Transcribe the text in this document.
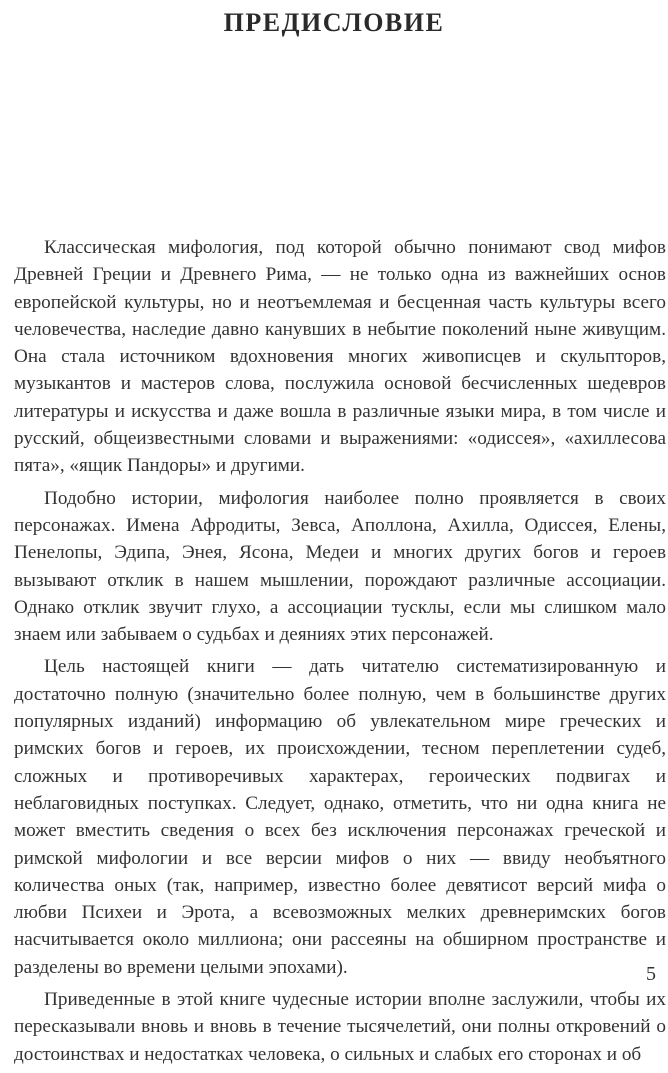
ПРЕДИСЛОВИЕ

Классическая мифология, под которой обычно понимают свод мифов Древней Греции и Древнего Рима, — не только одна из важнейших основ европейской культуры, но и неотъемлемая и бесценная часть культуры всего человечества, наследие давно канувших в небытие поколений ныне живущим. Она стала источником вдохновения многих живописцев и скульпторов, музыкантов и мастеров слова, послужила основой бесчисленных шедевров литературы и искусства и даже вошла в различные языки мира, в том числе и русский, общеизвестными словами и выражениями: «одиссея», «ахиллесова пята», «ящик Пандоры» и другими.

Подобно истории, мифология наиболее полно проявляется в своих персонажах. Имена Афродиты, Зевса, Аполлона, Ахилла, Одиссея, Елены, Пенелопы, Эдипа, Энея, Ясона, Медеи и многих других богов и героев вызывают отклик в нашем мышлении, порождают различные ассоциации. Однако отклик звучит глухо, а ассоциации тусклы, если мы слишком мало знаем или забываем о судьбах и деяниях этих персонажей.

Цель настоящей книги — дать читателю систематизированную и достаточно полную (значительно более полную, чем в большинстве других популярных изданий) информацию об увлекательном мире греческих и римских богов и героев, их происхождении, тесном переплетении судеб, сложных и противоречивых характерах, героических подвигах и неблаговидных поступках. Следует, однако, отметить, что ни одна книга не может вместить сведения о всех без исключения персонажах греческой и римской мифологии и все версии мифов о них — ввиду необъятного количества оных (так, например, известно более девятисот версий мифа о любви Психеи и Эрота, а всевозможных мелких древнеримских богов насчитывается около миллиона; они рассеяны на обширном пространстве и разделены во времени целыми эпохами).

Приведенные в этой книге чудесные истории вполне заслужили, чтобы их пересказывали вновь и вновь в течение тысячелетий, они полны откровений о достоинствах и недостатках человека, о сильных и слабых его сторонах и об

5
